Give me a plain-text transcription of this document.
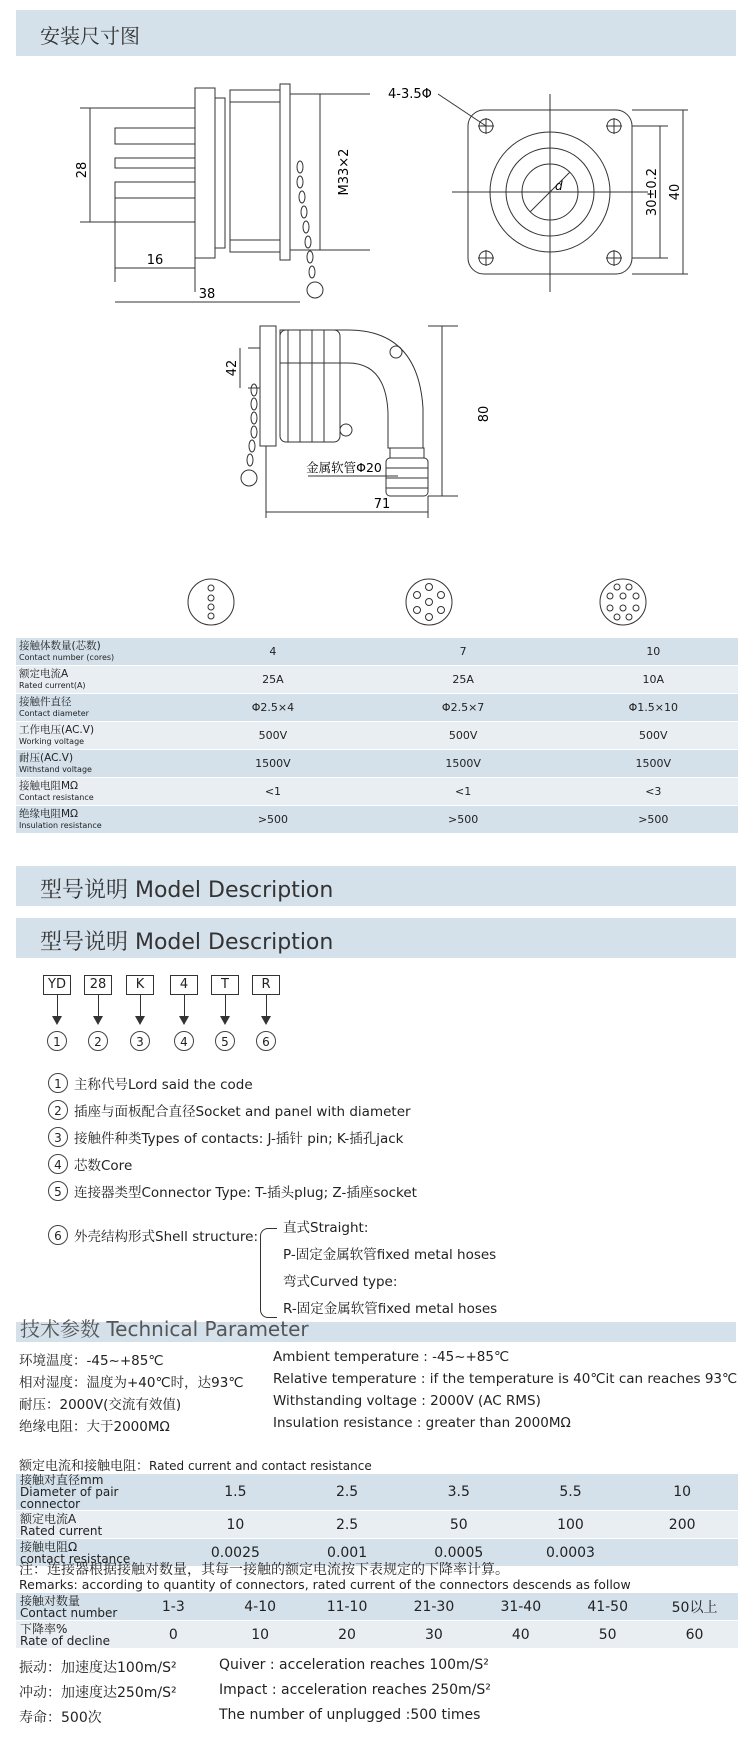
安装尺寸图
28	M33×2
16
38
4-3.5Φ
d	30±0.2 40
42
80
金属软管Φ20
71
接触体数量(芯数)
Contact number (cores)	4	7	10

额定电流A
Rated current(A)	25A	25A	10A

接触件直径
Contact diameter	Φ2.5×4	Φ2.5×7	Φ1.5×10

工作电压(AC.V)
Working voltage	500V	500V	500V

耐压(AC.V)
Withstand voltage	1500V	1500V	1500V

接触电阻MΩ
Contact resistance	<1	<1	<3

绝缘电阻MΩ
Insulation resistance	>500	>500	>500
型号说明 Model Description
型号说明 Model Description
YD
1
28
2
K
3
4
4
T
5
R
6
1 主称代号Lord said the code
2 插座与面板配合直径Socket and panel with diameter
3 接触件种类Types of contacts: J-插针 pin; K-插孔jack
4 芯数Core
5 连接器类型Connector Type: T-插头plug; Z-插座socket
6 外壳结构形式Shell structure:
直式Straight:
P-固定金属软管fixed metal hoses
弯式Curved type:
R-固定金属软管fixed metal hoses
技术参数 Technical Parameter
环境温度：-45~+85℃	Ambient temperature : -45~+85℃
相对湿度：温度为+40℃时，达93℃ Relative temperature : if the temperature is 40℃it can reaches 93℃
耐压：2000V(交流有效值)	Withstanding voltage : 2000V (AC RMS)
绝缘电阻：大于2000MΩ	Insulation resistance : greater than 2000MΩ
额定电流和接触电阻：Rated current and contact resistance
接触对直径mm
Diameter of pair connector	1.5	2.5	3.5	5.5	10

额定电流A
Rated current	10	2.5	50	100	200

接触电阻Ω
contact resistance	0.0025	0.001	0.0005	0.0003	
注：连接器根据接触对数量，其每一接触的额定电流按下表规定的下降率计算。
Remarks: according to quantity of connectors, rated current of the connectors descends as follow
接触对数量
Contact number	1-3	4-10	11-10	21-30	31-40	41-50	50以上

下降率%
Rate of decline	0	10	20	30	40	50	60
振动：加速度达100m/S²	Quiver : acceleration reaches 100m/S²
冲动：加速度达250m/S²	Impact : acceleration reaches 250m/S²
寿命：500次	The number of unplugged :500 times
